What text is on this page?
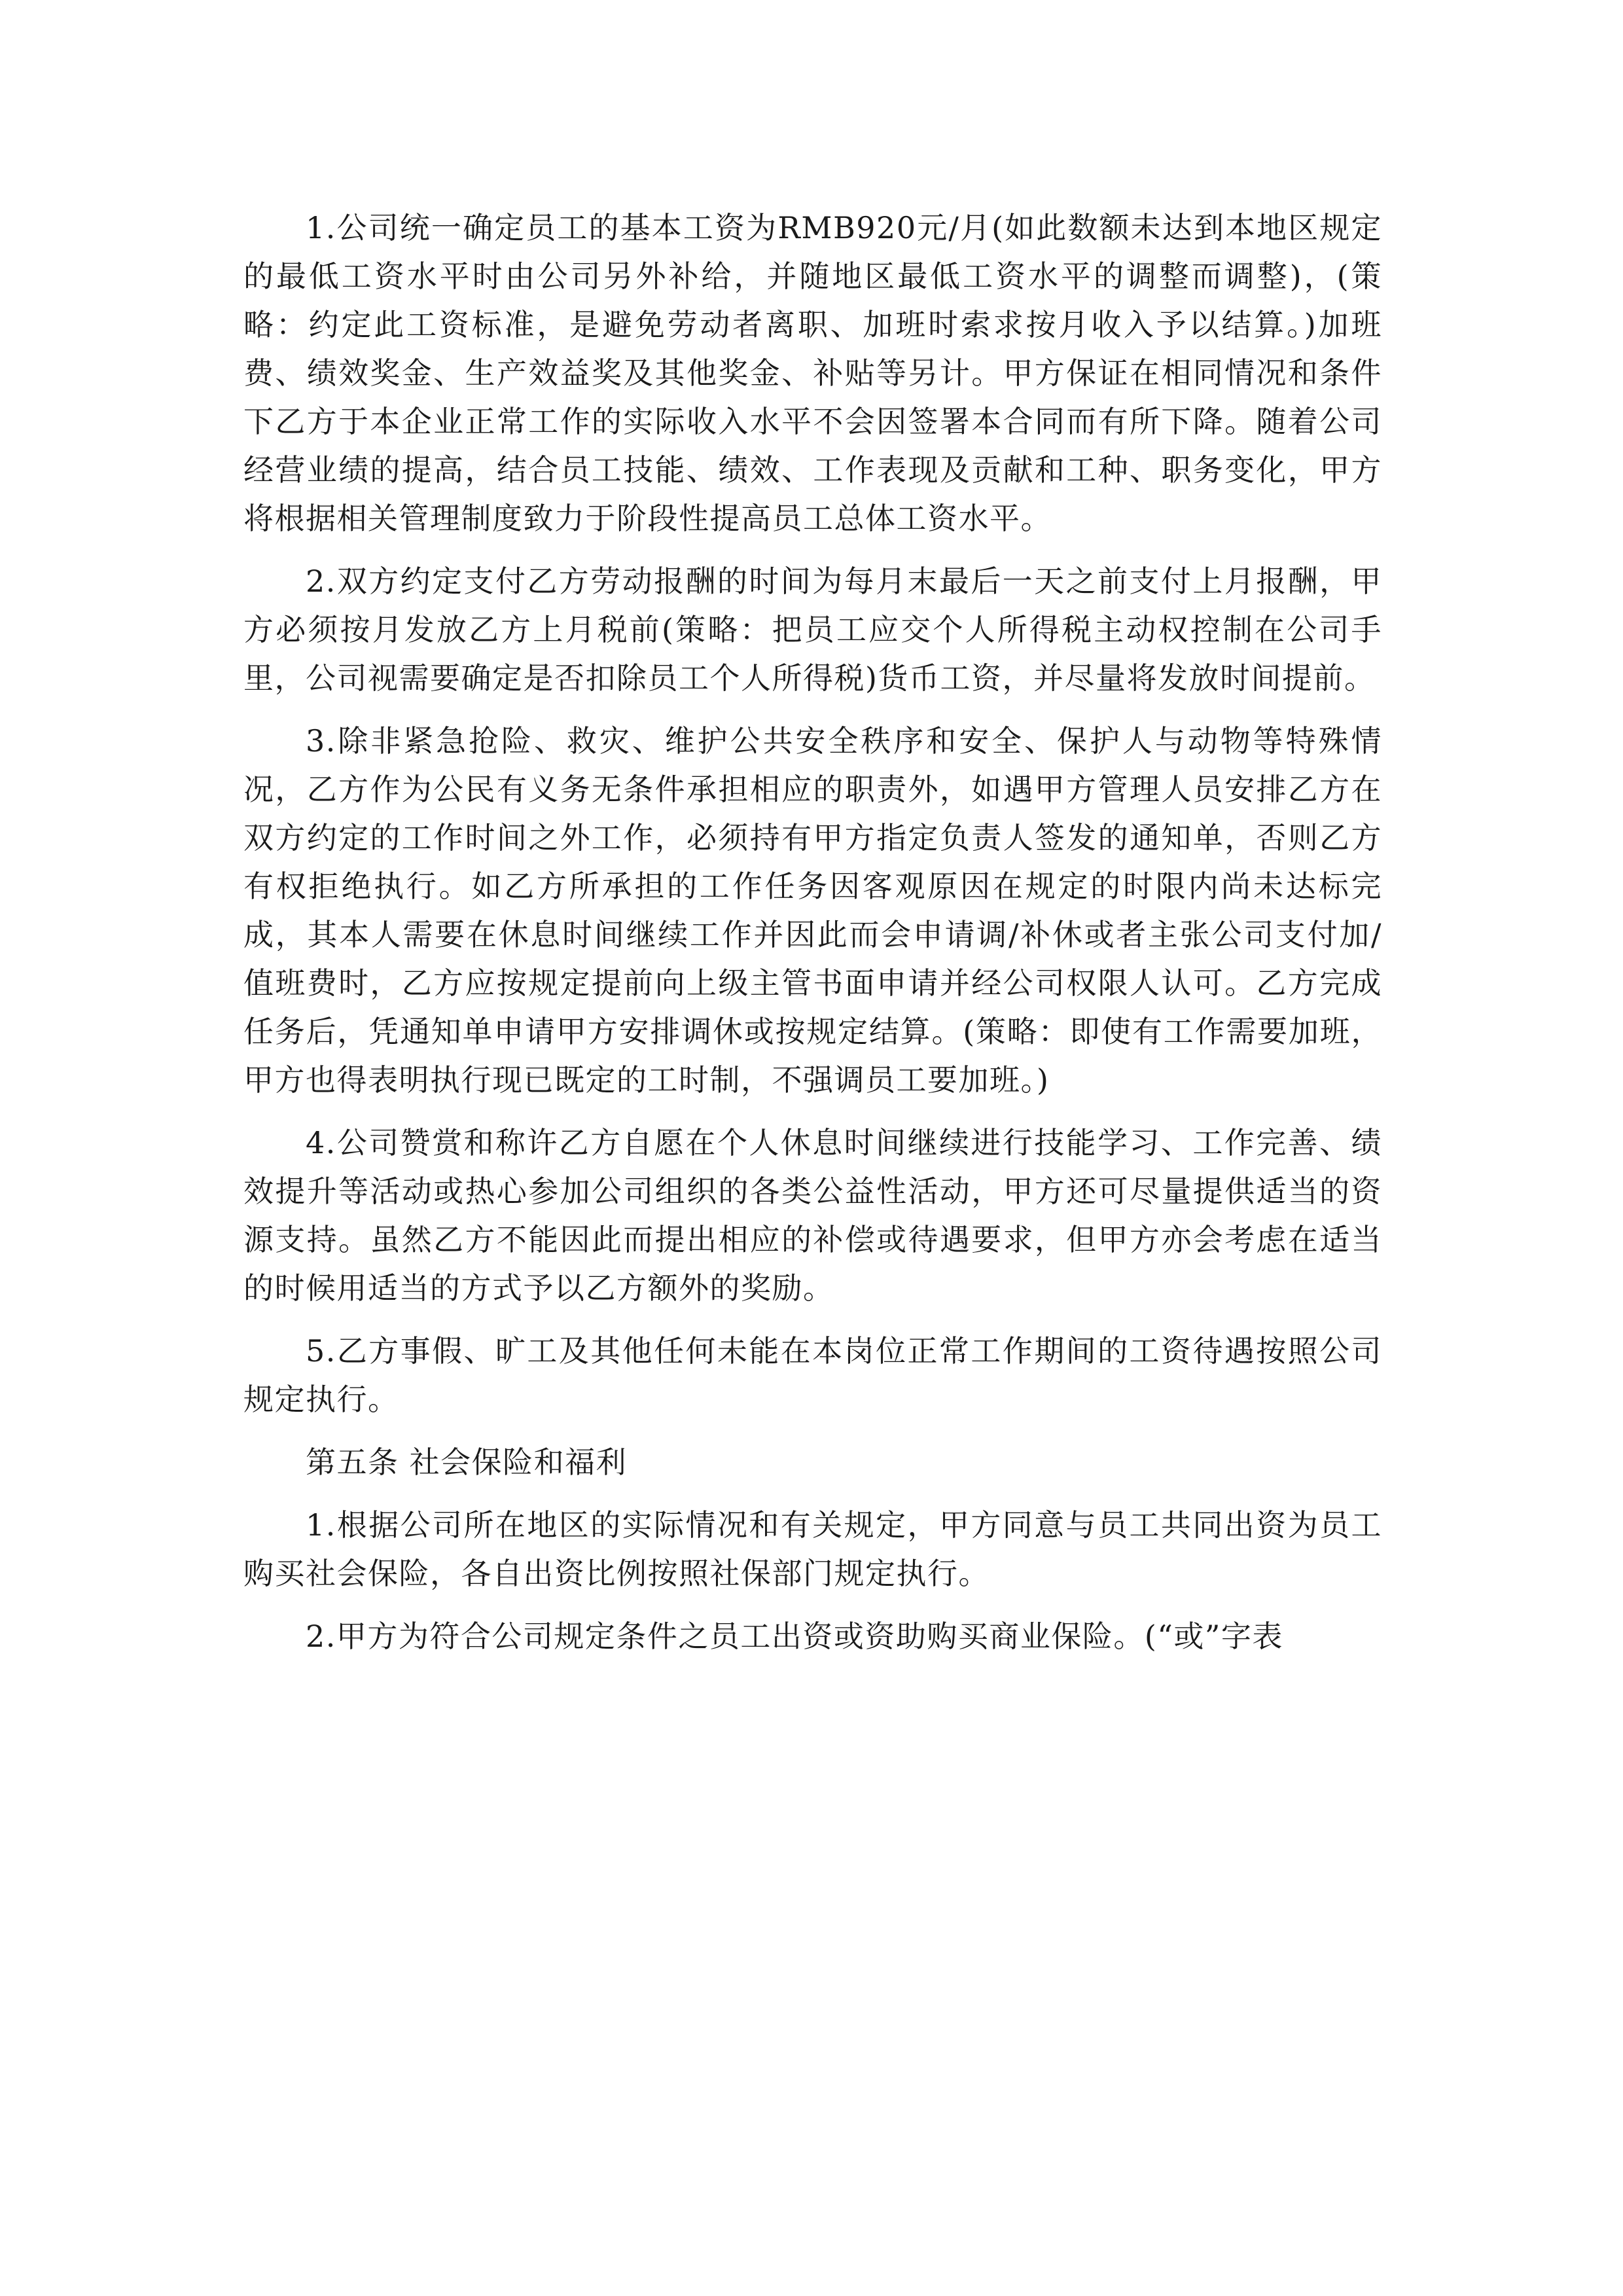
1.公司统一确定员工的基本工资为RMB920元/月(如此数额未达到本地区规定的最低工资水平时由公司另外补给，并随地区最低工资水平的调整而调整)，(策略：约定此工资标准，是避免劳动者离职、加班时索求按月收入予以结算。)加班费、绩效奖金、生产效益奖及其他奖金、补贴等另计。甲方保证在相同情况和条件下乙方于本企业正常工作的实际收入水平不会因签署本合同而有所下降。随着公司经营业绩的提高，结合员工技能、绩效、工作表现及贡献和工种、职务变化，甲方将根据相关管理制度致力于阶段性提高员工总体工资水平。

2.双方约定支付乙方劳动报酬的时间为每月末最后一天之前支付上月报酬，甲方必须按月发放乙方上月税前(策略：把员工应交个人所得税主动权控制在公司手里，公司视需要确定是否扣除员工个人所得税)货币工资，并尽量将发放时间提前。

3.除非紧急抢险、救灾、维护公共安全秩序和安全、保护人与动物等特殊情况，乙方作为公民有义务无条件承担相应的职责外，如遇甲方管理人员安排乙方在双方约定的工作时间之外工作，必须持有甲方指定负责人签发的通知单，否则乙方有权拒绝执行。如乙方所承担的工作任务因客观原因在规定的时限内尚未达标完成，其本人需要在休息时间继续工作并因此而会申请调/补休或者主张公司支付加/值班费时，乙方应按规定提前向上级主管书面申请并经公司权限人认可。乙方完成任务后，凭通知单申请甲方安排调休或按规定结算。(策略：即使有工作需要加班，甲方也得表明执行现已既定的工时制，不强调员工要加班。)

4.公司赞赏和称许乙方自愿在个人休息时间继续进行技能学习、工作完善、绩效提升等活动或热心参加公司组织的各类公益性活动，甲方还可尽量提供适当的资源支持。虽然乙方不能因此而提出相应的补偿或待遇要求，但甲方亦会考虑在适当的时候用适当的方式予以乙方额外的奖励。

5.乙方事假、旷工及其他任何未能在本岗位正常工作期间的工资待遇按照公司规定执行。

第五条 社会保险和福利

1.根据公司所在地区的实际情况和有关规定，甲方同意与员工共同出资为员工购买社会保险，各自出资比例按照社保部门规定执行。

2.甲方为符合公司规定条件之员工出资或资助购买商业保险。(“或”字表
